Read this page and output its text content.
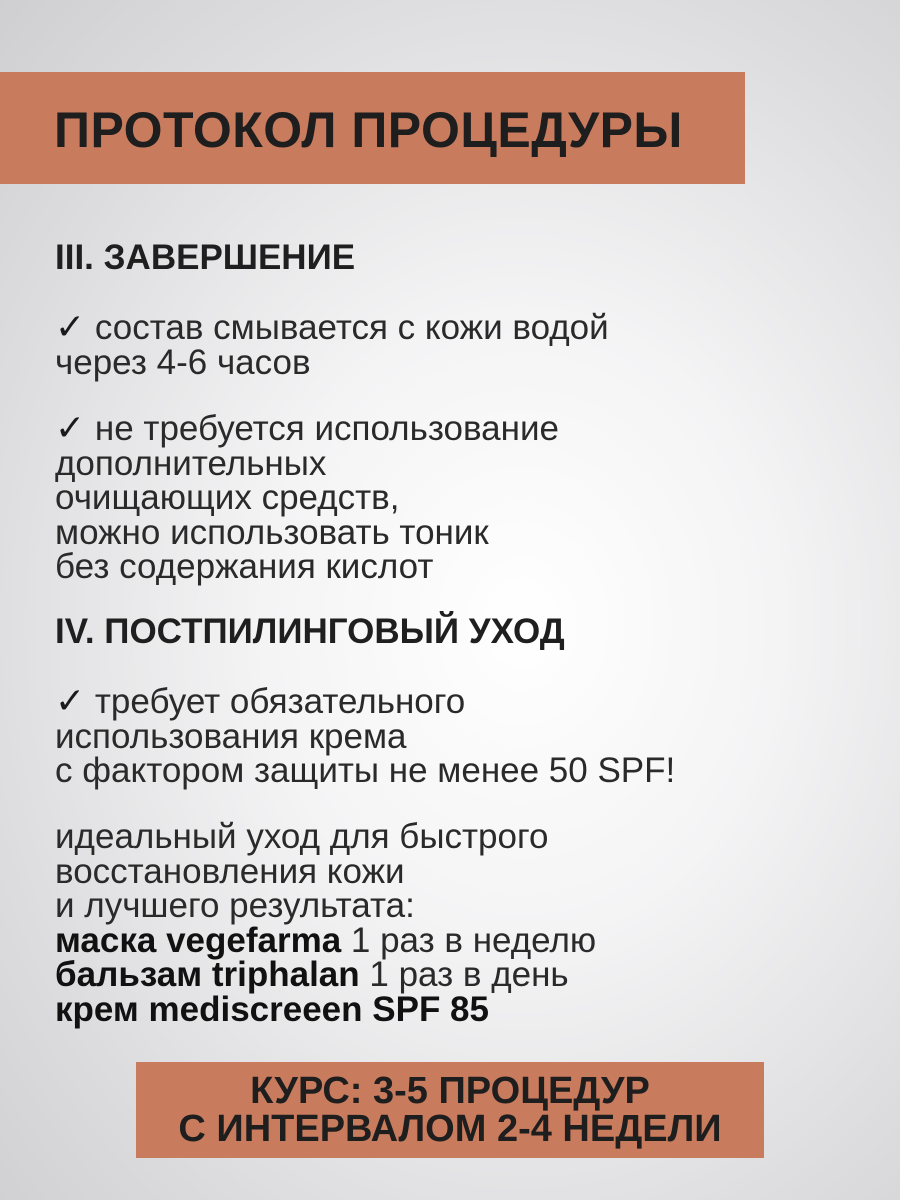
ПРОТОКОЛ ПРОЦЕДУРЫ
III. ЗАВЕРШЕНИЕ
✓ состав смывается с кожи водой
через 4-6 часов
✓ не требуется использование
дополнительных
очищающих средств,
можно использовать тоник
без содержания кислот
IV. ПОСТПИЛИНГОВЫЙ УХОД
✓ требует обязательного
использования крема
с фактором защиты не менее 50 SPF!
идеальный уход для быстрого
восстановления кожи
и лучшего результата:
маска vegefarma 1 раз в неделю
бальзам triphalan 1 раз в день
крем mediscreeen SPF 85
КУРС: 3-5 ПРОЦЕДУР
С ИНТЕРВАЛОМ 2-4 НЕДЕЛИ
